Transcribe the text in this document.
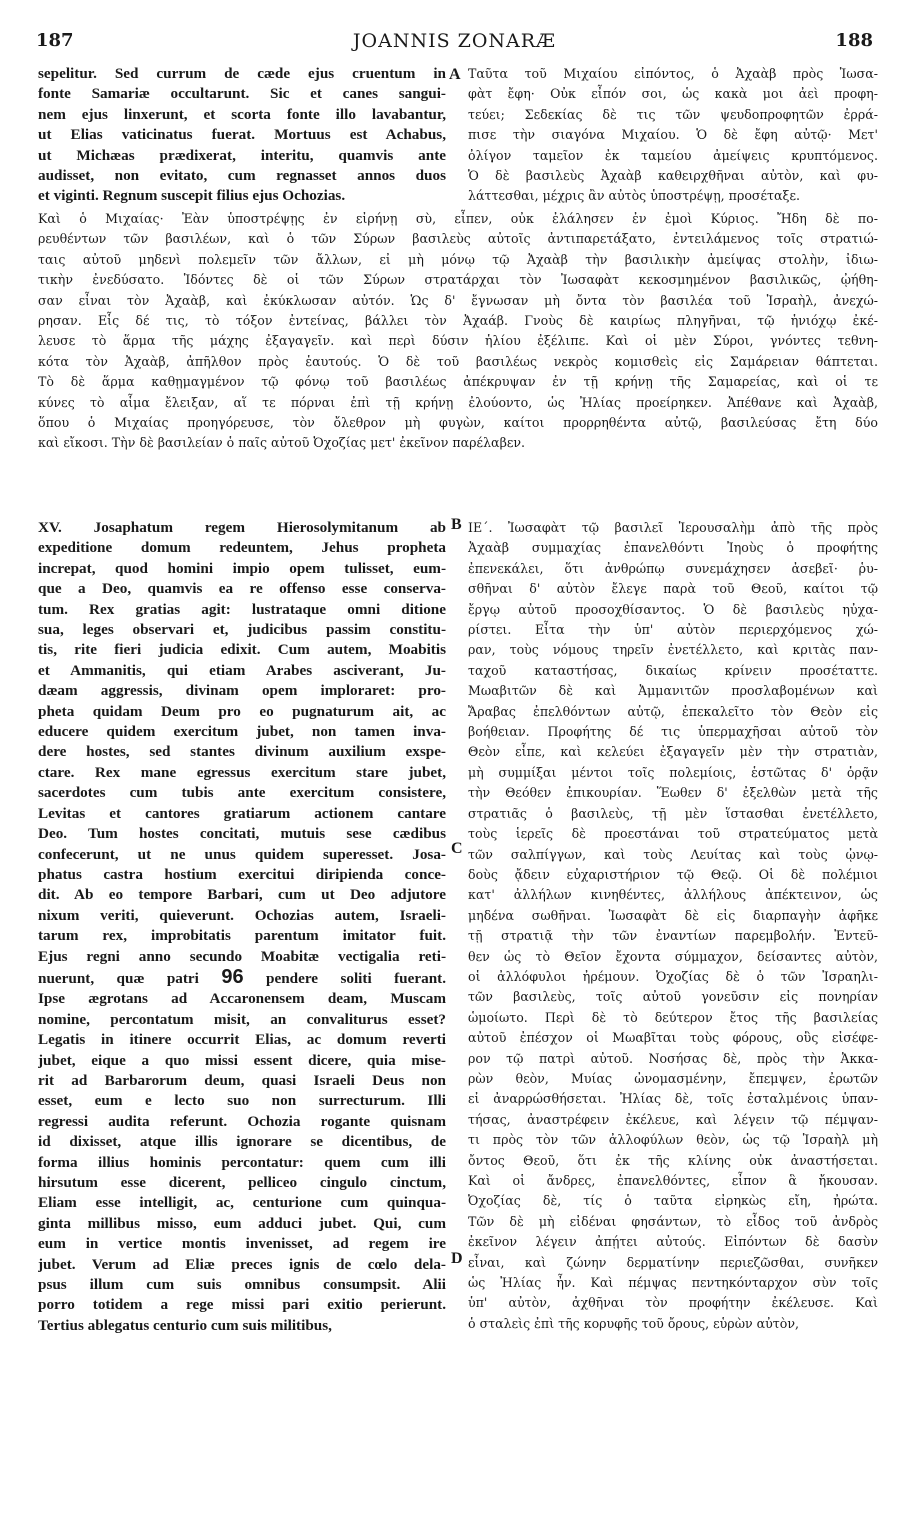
187	JOANNIS ZONARÆ	188
sepelitur. Sed currum de cæde ejus cruentum in
fonte Samariæ occultarunt. Sic et canes sangui-
nem ejus linxerunt, et scorta fonte illo lavabantur,
ut Elias vaticinatus fuerat. Mortuus est Achabus,
ut Michæas prædixerat, interitu, quamvis ante
audisset, non evitato, cum regnasset annos duos
et viginti. Regnum suscepit filius ejus Ochozias.
Ταῦτα τοῦ Μιχαίου εἰπόντος, ὁ Ἀχαὰβ πρὸς Ἰωσα-
φὰτ ἔφη· Οὐκ εἶπόν σοι, ὡς κακὰ μοι ἀεὶ προφη-
τεύει; Σεδεκίας δὲ τις τῶν ψευδοπροφητῶν ἐρρά-
πισε τὴν σιαγόνα Μιχαίου. Ὁ δὲ ἔφη αὐτῷ· Μετ'
ὀλίγον ταμεῖον ἐκ ταμείου ἀμείψεις κρυπτόμενος.
Ὁ δὲ βασιλεὺς Ἀχαὰβ καθειρχθῆναι αὐτὸν, καὶ φυ-
λάττεσθαι, μέχρις ἂν αὐτὸς ὑποστρέψῃ, προσέταξε.
A
Καὶ ὁ Μιχαίας· Ἐὰν ὑποστρέψῃς ἐν εἰρήνῃ σὺ, εἶπεν, οὐκ ἐλάλησεν ἐν ἐμοὶ Κύριος. Ἤδη δὲ πο-
ρευθέντων τῶν βασιλέων, καὶ ὁ τῶν Σύρων βασιλεὺς αὐτοῖς ἀντιπαρετάξατο, ἐντειλάμενος τοῖς στρατιώ-
ταις αὐτοῦ μηδενὶ πολεμεῖν τῶν ἄλλων, εἰ μὴ μόνῳ τῷ Ἀχαὰβ τὴν βασιλικὴν ἀμείψας στολὴν, ἰδιω-
τικὴν ἐνεδύσατο. Ἰδόντες δὲ οἱ τῶν Σύρων στρατάρχαι τὸν Ἰωσαφὰτ κεκοσμημένον βασιλικῶς, ᾠήθη-
σαν εἶναι τὸν Ἀχαὰβ, καὶ ἐκύκλωσαν αὐτόν. Ὡς δ' ἔγνωσαν μὴ ὄντα τὸν βασιλέα τοῦ Ἰσραὴλ, ἀνεχώ-
ρησαν. Εἷς δέ τις, τὸ τόξον ἐντείνας, βάλλει τὸν Ἀχαάβ. Γνοὺς δὲ καιρίως πληγῆναι, τῷ ἡνιόχῳ ἐκέ-
λευσε τὸ ἅρμα τῆς μάχης ἐξαγαγεῖν. καὶ περὶ δύσιν ἡλίου ἐξέλιπε. Καὶ οἱ μὲν Σύροι, γνόντες τεθνη-
κότα τὸν Ἀχαὰβ, ἀπῆλθον πρὸς ἑαυτούς. Ὁ δὲ τοῦ βασιλέως νεκρὸς κομισθεὶς εἰς Σαμάρειαν θάπτεται.
Τὸ δὲ ἅρμα καθῃμαγμένον τῷ φόνῳ τοῦ βασιλέως ἀπέκρυψαν ἐν τῇ κρήνῃ τῆς Σαμαρείας, καὶ οἱ τε
κύνες τὸ αἷμα ἔλειξαν, αἵ τε πόρναι ἐπὶ τῇ κρήνῃ ἐλούοντο, ὡς Ἠλίας προείρηκεν. Ἀπέθανε καὶ Ἀχαὰβ,
ὅπου ὁ Μιχαίας προηγόρευσε, τὸν ὄλεθρον μὴ φυγὼν, καίτοι προρρηθέντα αὐτῷ, βασιλεύσας ἔτη δύο
καὶ εἴκοσι. Τὴν δὲ βασιλείαν ὁ παῖς αὐτοῦ Ὀχοζίας μετ' ἐκεῖνον παρέλαβεν.
XV. Josaphatum regem Hierosolymitanum ab
expeditione domum redeuntem, Jehus propheta
increpat, quod homini impio opem tulisset, eum-
que a Deo, quamvis ea re offenso esse conserva-
tum. Rex gratias agit: lustrataque omni ditione
sua, leges observari et, judicibus passim constitu-
tis, rite fieri judicia edixit. Cum autem, Moabitis
et Ammanitis, qui etiam Arabes asciverant, Ju-
dæam aggressis, divinam opem imploraret: pro-
pheta quidam Deum pro eo pugnaturum ait, ac
educere quidem exercitum jubet, non tamen inva-
dere hostes, sed stantes divinum auxilium exspe-
ctare. Rex mane egressus exercitum stare jubet,
sacerdotes cum tubis ante exercitum consistere,
Levitas et cantores gratiarum actionem cantare
Deo. Tum hostes concitati, mutuis sese cædibus
confecerunt, ut ne unus quidem superesset. Josa-
phatus castra hostium exercitui diripienda conce-
dit. Ab eo tempore Barbari, cum ut Deo adjutore
nixum veriti, quieverunt. Ochozias autem, Israeli-
tarum rex, improbitatis parentum imitator fuit.
Ejus regni anno secundo Moabitæ vectigalia reti-
nuerunt, quæ patri 96 pendere soliti fuerant.
Ipse ægrotans ad Accaronensem deam, Muscam
nomine, percontatum misit, an convaliturus esset?
Legatis in itinere occurrit Elias, ac domum reverti
jubet, eique a quo missi essent dicere, quia mise-
rit ad Barbarorum deum, quasi Israeli Deus non
esset, eum e lecto suo non surrecturum. Illi
regressi audita referunt. Ochozia rogante quisnam
id dixisset, atque illis ignorare se dicentibus, de
forma illius hominis percontatur: quem cum illi
hirsutum esse dicerent, pelliceo cingulo cinctum,
Eliam esse intelligit, ac, centurione cum quinqua-
ginta millibus misso, eum adduci jubet. Qui, cum
eum in vertice montis invenisset, ad regem ire
jubet. Verum ad Eliæ preces ignis de cœlo dela-
psus illum cum suis omnibus consumpsit. Alii
porro totidem a rege missi pari exitio perierunt.
Tertius ablegatus centurio cum suis militibus,
ΙΕ΄. Ἰωσαφὰτ τῷ βασιλεῖ Ἱερουσαλὴμ ἀπὸ τῆς πρὸς
Ἀχαὰβ συμμαχίας ἐπανελθόντι Ἰηοὺς ὁ προφήτης
ἐπενεκάλει, ὅτι ἀνθρώπῳ συνεμάχησεν ἀσεβεῖ· ῥυ-
σθῆναι δ' αὐτὸν ἔλεγε παρὰ τοῦ Θεοῦ, καίτοι τῷ
ἔργῳ αὐτοῦ προσοχθίσαντος. Ὁ δὲ βασιλεὺς ηὐχα-
ρίστει. Εἶτα τὴν ὑπ' αὐτὸν περιερχόμενος χώ-
ραν, τοὺς νόμους τηρεῖν ἐνετέλλετο, καὶ κριτὰς παν-
ταχοῦ καταστήσας, δικαίως κρίνειν προσέταττε.
Μωαβιτῶν δὲ καὶ Ἀμμανιτῶν προσλαβομένων καὶ
Ἄραβας ἐπελθόντων αὐτῷ, ἐπεκαλεῖτο τὸν Θεὸν εἰς
βοήθειαν. Προφήτης δέ τις ὑπερμαχῆσαι αὐτοῦ τὸν
Θεὸν εἶπε, καὶ κελεύει ἐξαγαγεῖν μὲν τὴν στρατιὰν,
μὴ συμμίξαι μέντοι τοῖς πολεμίοις, ἑστῶτας δ' ὁρᾷν
τὴν Θεόθεν ἐπικουρίαν. Ἕωθεν δ' ἐξελθὼν μετὰ τῆς
στρατιᾶς ὁ βασιλεὺς, τῇ μὲν ἵστασθαι ἐνετέλλετο,
τοὺς ἱερεῖς δὲ προεστάναι τοῦ στρατεύματος μετὰ
τῶν σαλπίγγων, καὶ τοὺς Λευίτας καὶ τοὺς ᾠνῳ-
δοὺς ᾄδειν εὐχαριστήριον τῷ Θεῷ. Οἱ δὲ πολέμιοι
κατ' ἀλλήλων κινηθέντες, ἀλλήλους ἀπέκτεινον, ὡς
μηδένα σωθῆναι. Ἰωσαφὰτ δὲ εἰς διαρπαγὴν ἀφῆκε
τῇ στρατιᾷ τὴν τῶν ἐναντίων παρεμβολήν. Ἐντεῦ-
θεν ὡς τὸ Θεῖον ἔχοντα σύμμαχον, δείσαντες αὐτὸν,
οἱ ἀλλόφυλοι ἠρέμουν. Ὀχοζίας δὲ ὁ τῶν Ἰσραηλι-
τῶν βασιλεὺς, τοῖς αὐτοῦ γονεῦσιν εἰς πονηρίαν
ὡμοίωτο. Περὶ δὲ τὸ δεύτερον ἔτος τῆς βασιλείας
αὐτοῦ ἐπέσχον οἱ Μωαβῖται τοὺς φόρους, οὓς εἰσέφε-
ρον τῷ πατρὶ αὐτοῦ. Νοσήσας δὲ, πρὸς τὴν Ἀκκα-
ρὼν θεὸν, Μυίας ὠνομασμένην, ἔπεμψεν, ἐρωτῶν
εἰ ἀναρρώσθήσεται. Ἠλίας δὲ, τοῖς ἐσταλμένοις ὑπαν-
τήσας, ἀναστρέφειν ἐκέλευε, καὶ λέγειν τῷ πέμψαν-
τι πρὸς τὸν τῶν ἀλλοφύλων θεὸν, ὡς τῷ Ἰσραὴλ μὴ
ὄντος Θεοῦ, ὅτι ἐκ τῆς κλίνης οὐκ ἀναστήσεται.
Καὶ οἱ ἄνδρες, ἐπανελθόντες, εἶπον ἃ ἤκουσαν.
Ὀχοζίας δὲ, τίς ὁ ταῦτα εἰρηκὼς εἴη, ἠρώτα.
Τῶν δὲ μὴ εἰδέναι φησάντων, τὸ εἶδος τοῦ ἀνδρὸς
ἐκεῖνον λέγειν ἀπῄτει αὐτούς. Εἰπόντων δὲ δασὺν
εἶναι, καὶ ζώνην δερματίνην περιεζῶσθαι, συνῆκεν
ὡς Ἠλίας ἦν. Καὶ πέμψας πεντηκόνταρχον σὺν τοῖς
ὑπ' αὐτὸν, ἀχθῆναι τὸν προφήτην ἐκέλευσε. Καὶ
ὁ σταλεὶς ἐπὶ τῆς κορυφῆς τοῦ ὄρους, εὑρὼν αὐτὸν,
B
C
D
